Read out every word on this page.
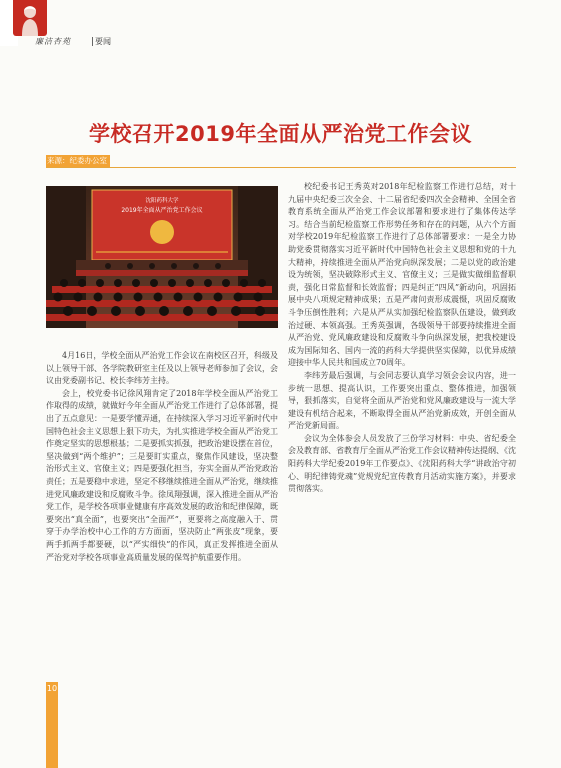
廉洁杏苑	要闻
学校召开2019年全面从严治党工作会议
来源：纪委办公室
沈阳药科大学
2019年全面从严治党工作会议

4月16日，学校全面从严治党工作会议在南校区召开，科级及以上领导干部、各学院教研室主任及以上领导老师参加了会议，会议由党委副书记、校长李纬芳主持。

会上，校党委书记徐风翔肯定了2018年学校全面从严治党工作取得的成绩，就做好今年全面从严治党工作进行了总体部署，提出了五点意见：一是要学懂弄通，在持续深入学习习近平新时代中国特色社会主义思想上狠下功夫，为扎实推进学校全面从严治党工作奠定坚实的思想根基；二是要抓实抓强，把政治建设摆在首位，坚决做到“两个维护”；三是要盯实重点，聚焦作风建设，坚决整治形式主义、官僚主义；四是要强化担当，夯实全面从严治党政治责任；五是要稳中求进，坚定不移继续推进全面从严治党，继续推进党风廉政建设和反腐败斗争。徐凤翔强调，深入推进全面从严治党工作，是学校各项事业健康有序高效发展的政治和纪律保障，既要突出“真全面”，也要突出“全面严”，更要将之高度融入于、贯穿于办学治校中心工作的方方面面，坚决防止“两张皮”现象，要两手抓两手都要硬，以“严实细快”的作风，真正发挥推进全面从严治党对学校各项事业高质量发展的保驾护航重要作用。

校纪委书记王秀英对2018年纪检监察工作进行总结，对十九届中央纪委三次全会、十二届省纪委四次全会精神、全国全省教育系统全面从严治党工作会议部署和要求进行了集体传达学习。结合当前纪检监察工作形势任务和存在的问题，从六个方面对学校2019年纪检监察工作进行了总体部署要求：一是全力协助党委贯彻落实习近平新时代中国特色社会主义思想和党的十九大精神，持续推进全面从严治党向纵深发展；二是以党的政治建设为统领，坚决破除形式主义、官僚主义；三是做实做细监督职责，强化日常监督和长效监督；四是纠正“四风”新动向，巩固拓展中央八项规定精神成果；五是严肃问责形成震慑，巩固反腐败斗争压倒性胜利；六是从严从实加强纪检监察队伍建设，做到政治过硬、本领高强。王秀英强调，各级领导干部要持续推进全面从严治党、党风廉政建设和反腐败斗争向纵深发展，把我校建设成为国际知名、国内一流的药科大学提供坚实保障，以优异成绩迎接中华人民共和国成立70周年。

李纬芳最后强调，与会同志要认真学习领会会议内容，进一步统一思想、提高认识，工作要突出重点、整体推进，加强领导，狠抓落实，自觉将全面从严治党和党风廉政建设与一流大学建设有机结合起来，不断取得全面从严治党新成效，开创全面从严治党新局面。

会议为全体参会人员发放了三份学习材料：中央、省纪委全会及教育部、省教育厅全面从严治党工作会议精神传达提纲、《沈阳药科大学纪委2019年工作要点》、《沈阳药科大学“讲政治守初心、明纪律铸党魂”党规党纪宣传教育月活动实施方案》，并要求贯彻落实。

10
